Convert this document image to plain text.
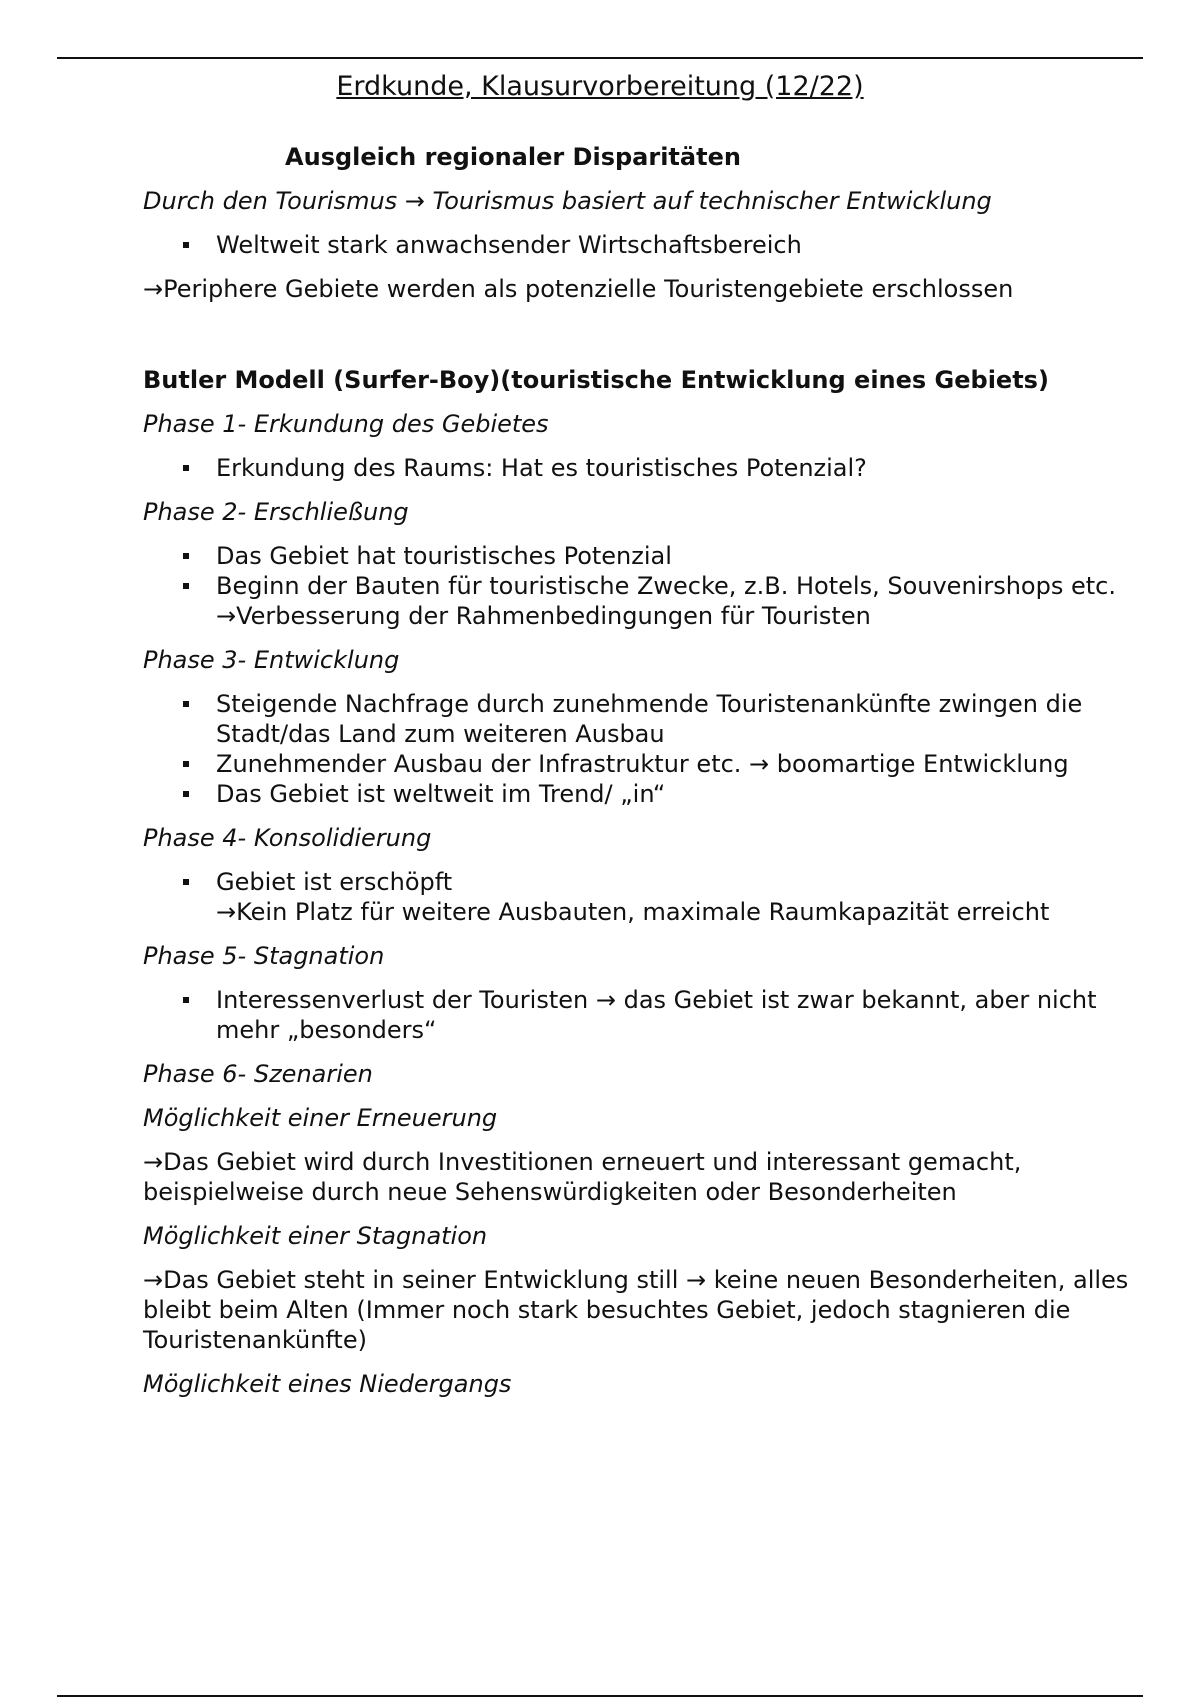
Erdkunde, Klausurvorbereitung (12/22)
Ausgleich regionaler Disparitäten
Durch den Tourismus → Tourismus basiert auf technischer Entwicklung
Weltweit stark anwachsender Wirtschaftsbereich
→Periphere Gebiete werden als potenzielle Touristengebiete erschlossen
Butler Modell (Surfer-Boy)(touristische Entwicklung eines Gebiets)
Phase 1- Erkundung des Gebietes
Erkundung des Raums: Hat es touristisches Potenzial?
Phase 2- Erschließung
Das Gebiet hat touristisches Potenzial
Beginn der Bauten für touristische Zwecke, z.B. Hotels, Souvenirshops etc.
→Verbesserung der Rahmenbedingungen für Touristen
Phase 3- Entwicklung
Steigende Nachfrage durch zunehmende Touristenankünfte zwingen die Stadt/das Land zum weiteren Ausbau
Zunehmender Ausbau der Infrastruktur etc. → boomartige Entwicklung
Das Gebiet ist weltweit im Trend/ „in“
Phase 4- Konsolidierung
Gebiet ist erschöpft
→Kein Platz für weitere Ausbauten, maximale Raumkapazität erreicht
Phase 5- Stagnation
Interessenverlust der Touristen → das Gebiet ist zwar bekannt, aber nicht mehr „besonders“
Phase 6- Szenarien
Möglichkeit einer Erneuerung
→Das Gebiet wird durch Investitionen erneuert und interessant gemacht, beispielweise durch neue Sehenswürdigkeiten oder Besonderheiten
Möglichkeit einer Stagnation
→Das Gebiet steht in seiner Entwicklung still → keine neuen Besonderheiten, alles bleibt beim Alten (Immer noch stark besuchtes Gebiet, jedoch stagnieren die Touristenankünfte)
Möglichkeit eines Niedergangs
